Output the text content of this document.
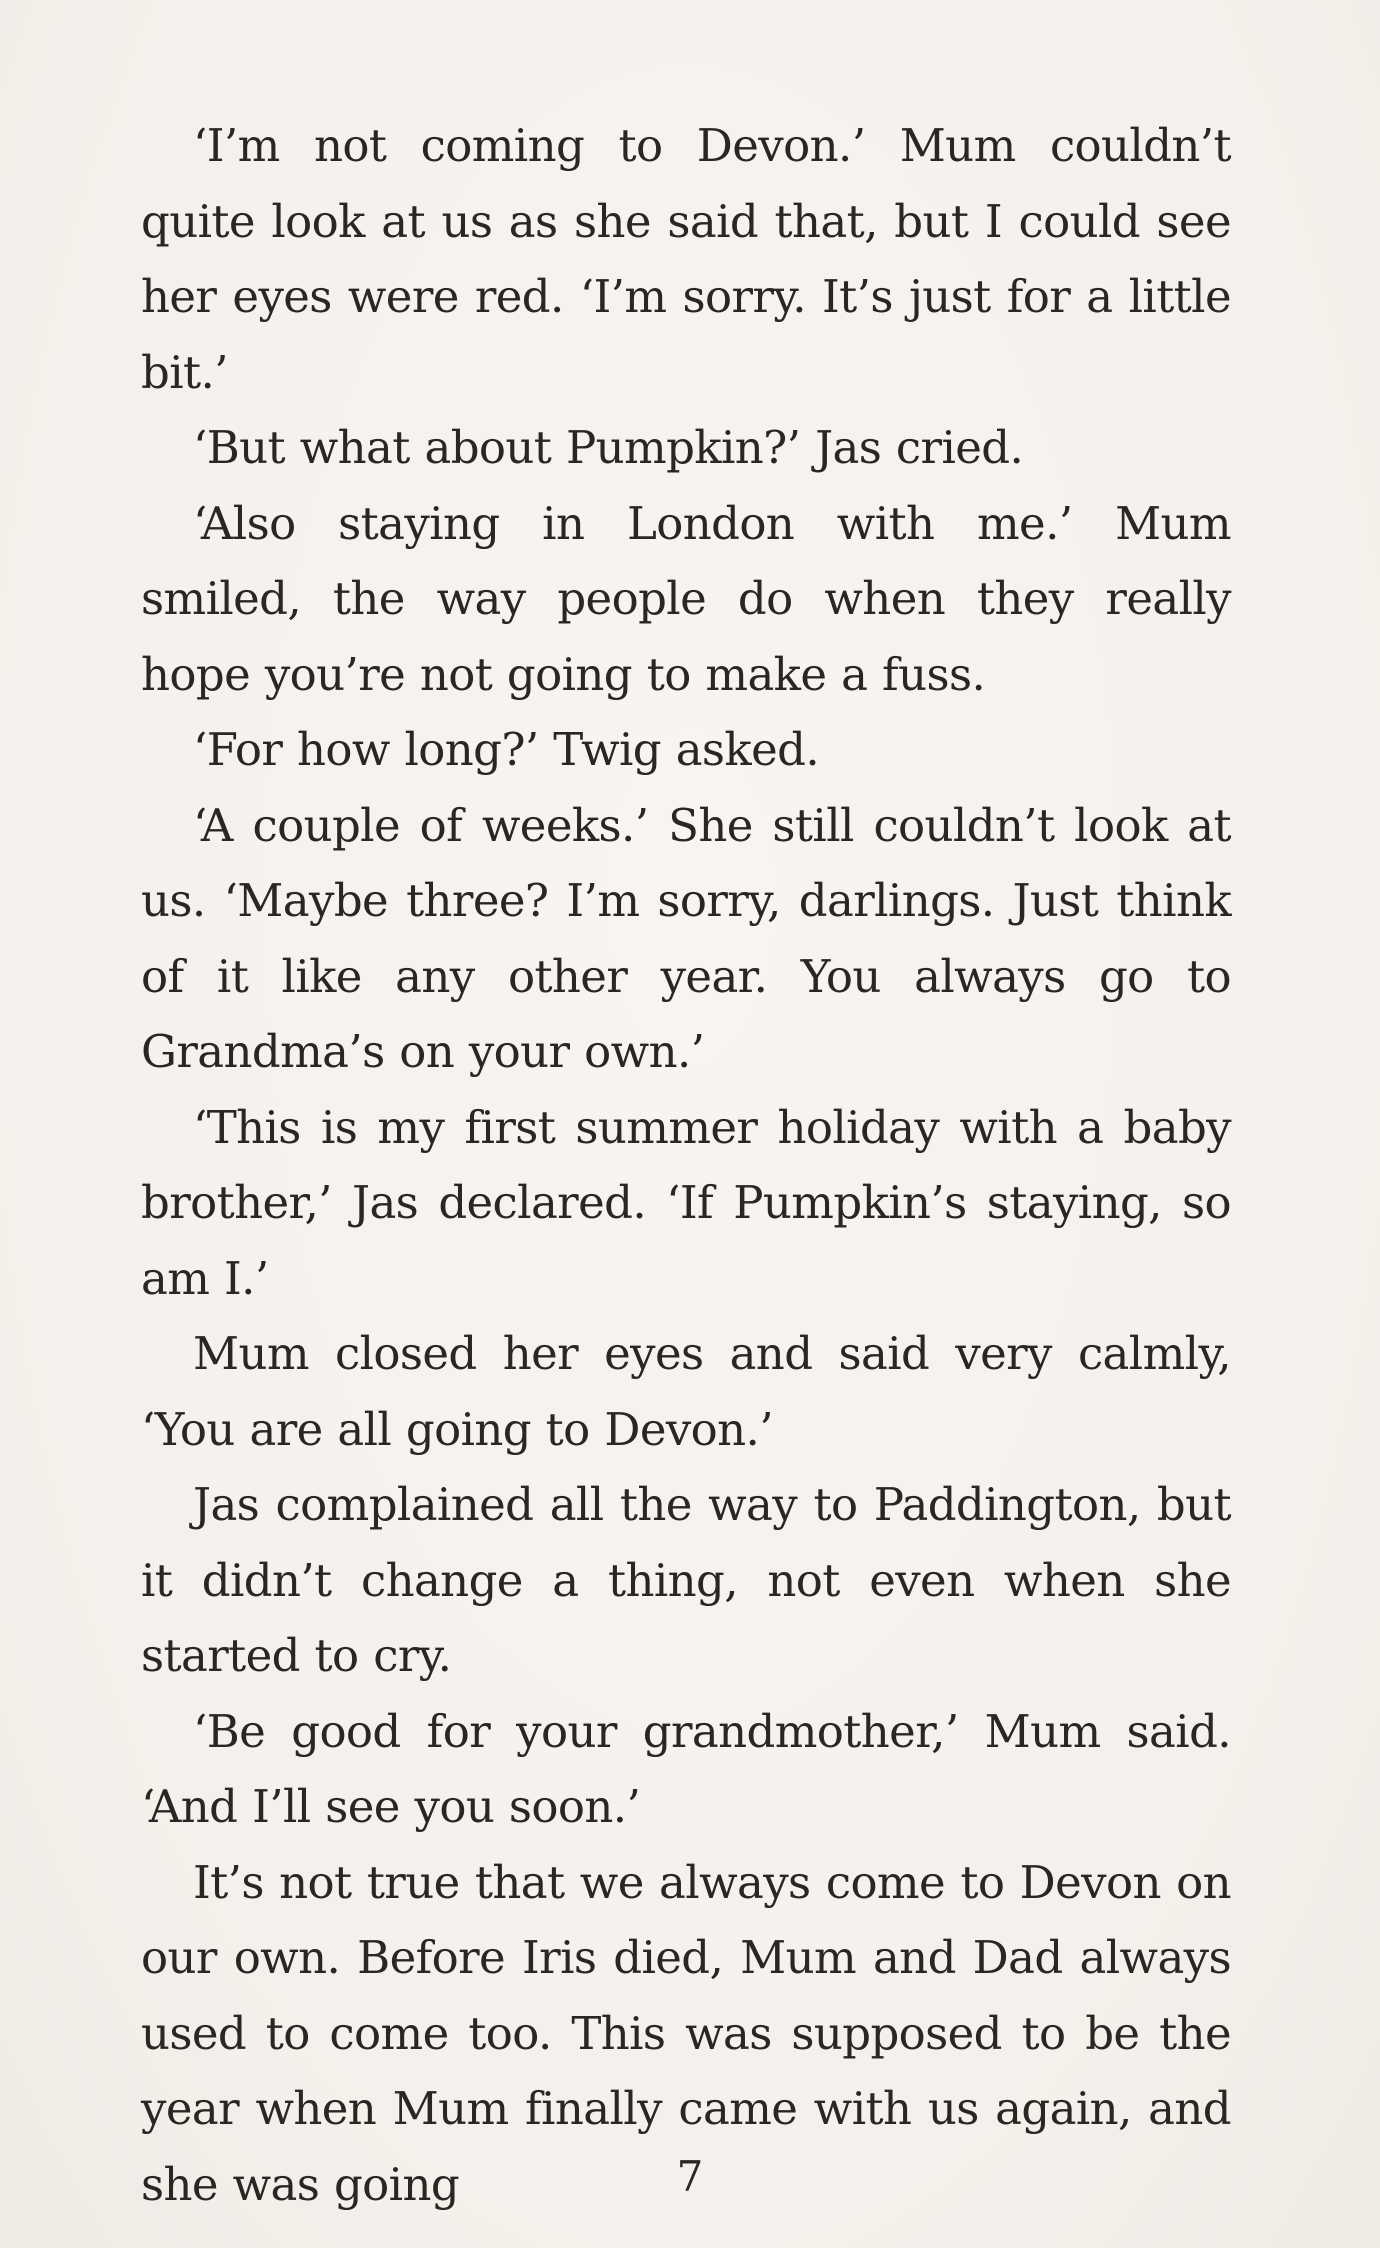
‘I’m not coming to Devon.’ Mum couldn’t quite look at us as she said that, but I could see her eyes were red. ‘I’m sorry. It’s just for a little bit.’

‘But what about Pumpkin?’ Jas cried.

‘Also staying in London with me.’ Mum smiled, the way people do when they really hope you’re not going to make a fuss.

‘For how long?’ Twig asked.

‘A couple of weeks.’ She still couldn’t look at us. ‘Maybe three? I’m sorry, darlings. Just think of it like any other year. You always go to Grandma’s on your own.’

‘This is my first summer holiday with a baby brother,’ Jas declared. ‘If Pumpkin’s staying, so am I.’

Mum closed her eyes and said very calmly, ‘You are all going to Devon.’

Jas complained all the way to Paddington, but it didn’t change a thing, not even when she started to cry.

‘Be good for your grandmother,’ Mum said. ‘And I’ll see you soon.’

It’s not true that we always come to Devon on our own. Before Iris died, Mum and Dad always used to come too. This was supposed to be the year when Mum finally came with us again, and she was going	7
